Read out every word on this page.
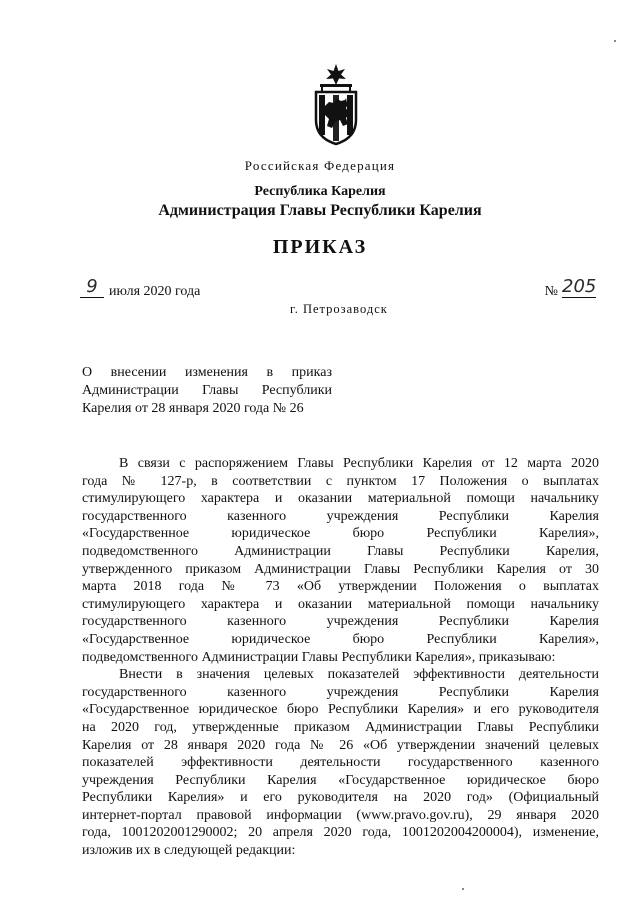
Российская Федерация
Республика Карелия
Администрация Главы Республики Карелия
ПРИКАЗ
9 июля 2020 года	№ 205
г. Петрозаводск
О внесении изменения в приказ
Администрации Главы Республики
Карелия от 28 января 2020 года № 26
В связи с распоряжением Главы Республики Карелия от 12 марта 2020
года № 127-р, в соответствии с пунктом 17 Положения о выплатах
стимулирующего характера и оказании материальной помощи начальнику
государственного казенного учреждения Республики Карелия
«Государственное юридическое бюро Республики Карелия»,
подведомственного Администрации Главы Республики Карелия,
утвержденного приказом Администрации Главы Республики Карелия от 30
марта 2018 года № 73 «Об утверждении Положения о выплатах
стимулирующего характера и оказании материальной помощи начальнику
государственного казенного учреждения Республики Карелия
«Государственное юридическое бюро Республики Карелия»,
подведомственного Администрации Главы Республики Карелия», приказываю:
Внести в значения целевых показателей эффективности деятельности
государственного казенного учреждения Республики Карелия
«Государственное юридическое бюро Республики Карелия» и его руководителя
на 2020 год, утвержденные приказом Администрации Главы Республики
Карелия от 28 января 2020 года № 26 «Об утверждении значений целевых
показателей эффективности деятельности государственного казенного
учреждения Республики Карелия «Государственное юридическое бюро
Республики Карелия» и его руководителя на 2020 год» (Официальный
интернет-портал правовой информации (www.pravo.gov.ru), 29 января 2020
года, 1001202001290002; 20 апреля 2020 года, 1001202004200004), изменение,
изложив их в следующей редакции:
